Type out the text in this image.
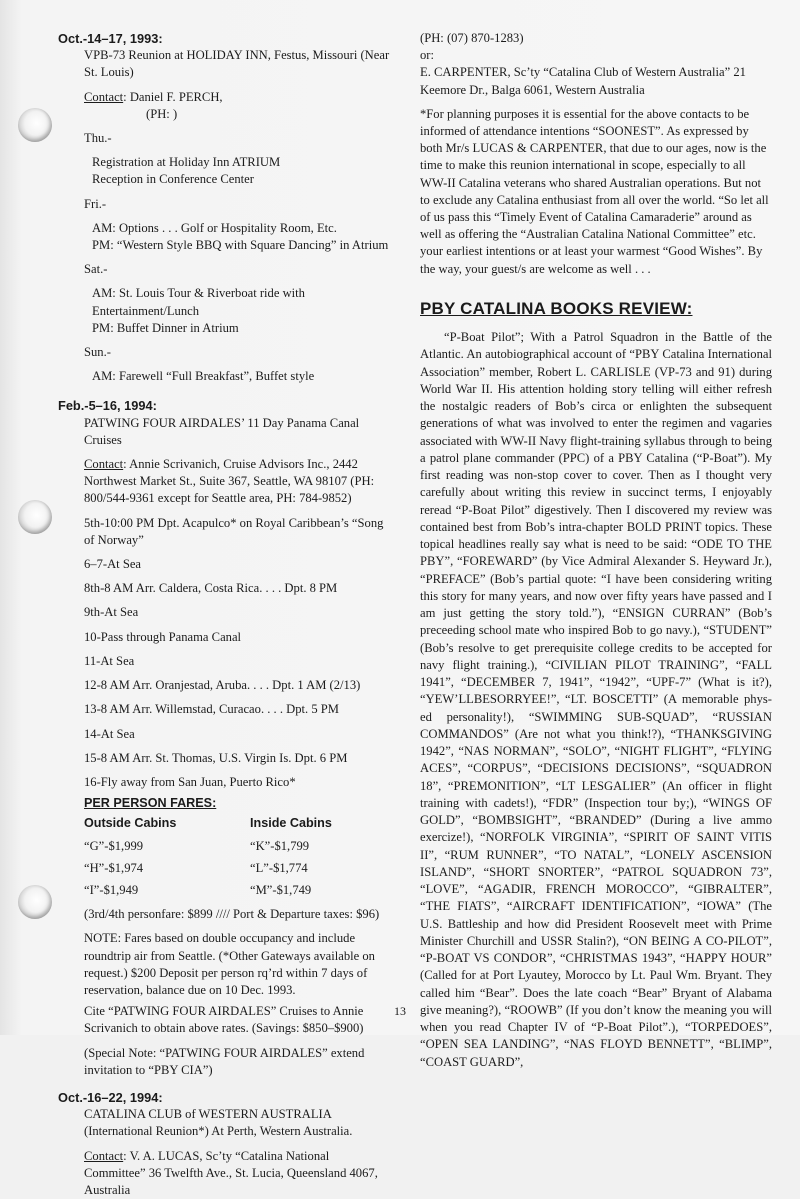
Oct.-14–17, 1993:
VPB-73 Reunion at HOLIDAY INN, Festus, Missouri (Near St. Louis)
Contact: Daniel F. PERCH,
(PH: )
Thu.-
Registration at Holiday Inn ATRIUM
Reception in Conference Center
Fri.-
AM: Options . . . Golf or Hospitality Room, Etc.
PM: “Western Style BBQ with Square Dancing” in Atrium
Sat.-
AM: St. Louis Tour & Riverboat ride with Entertainment/Lunch
PM: Buffet Dinner in Atrium
Sun.-
AM: Farewell “Full Breakfast”, Buffet style
Feb.-5–16, 1994:
PATWING FOUR AIRDALES’ 11 Day Panama Canal Cruises
Contact: Annie Scrivanich, Cruise Advisors Inc., 2442 Northwest Market St., Suite 367, Seattle, WA 98107 (PH: 800/544-9361 except for Seattle area, PH: 784-9852)
5th-10:00 PM Dpt. Acapulco* on Royal Caribbean’s “Song of Norway”
6–7-At Sea
8th-8 AM Arr. Caldera, Costa Rica. . . . Dpt. 8 PM
9th-At Sea
10-Pass through Panama Canal
11-At Sea
12-8 AM Arr. Oranjestad, Aruba. . . . Dpt. 1 AM (2/13)
13-8 AM Arr. Willemstad, Curacao. . . . Dpt. 5 PM
14-At Sea
15-8 AM Arr. St. Thomas, U.S. Virgin Is. Dpt. 6 PM
16-Fly away from San Juan, Puerto Rico*
PER PERSON FARES:
Outside Cabins	Inside Cabins
“G”-$1,999	“K”-$1,799
“H”-$1,974	“L”-$1,774
“I”-$1,949	“M”-$1,749
(3rd/4th personfare: $899 //// Port & Departure taxes: $96)
NOTE: Fares based on double occupancy and include roundtrip air from Seattle. (*Other Gateways available on request.) $200 Deposit per person rq’rd within 7 days of reservation, balance due on 10 Dec. 1993.
Cite “PATWING FOUR AIRDALES” Cruises to Annie Scrivanich to obtain above rates. (Savings: $850–$900)
(Special Note: “PATWING FOUR AIRDALES” extend invitation to “PBY CIA”)
Oct.-16–22, 1994:
CATALINA CLUB of WESTERN AUSTRALIA (International Reunion*) At Perth, Western Australia.
Contact: V. A. LUCAS, Sc’ty “Catalina National Committee” 36 Twelfth Ave., St. Lucia, Queensland 4067, Australia
(PH: (07) 870-1283)
or:
E. CARPENTER, Sc’ty “Catalina Club of Western Australia” 21 Keemore Dr., Balga 6061, Western Australia
*For planning purposes it is essential for the above contacts to be informed of attendance intentions “SOONEST”. As expressed by both Mr/s LUCAS & CARPENTER, that due to our ages, now is the time to make this reunion international in scope, especially to all WW-II Catalina veterans who shared Australian operations. But not to exclude any Catalina enthusiast from all over the world. “So let all of us pass this “Timely Event of Catalina Camaraderie” around as well as offering the “Australian Catalina National Committee” etc. your earliest intentions or at least your warmest “Good Wishes”. By the way, your guest/s are welcome as well . . .
PBY CATALINA BOOKS REVIEW:
“P-Boat Pilot”; With a Patrol Squadron in the Battle of the Atlantic. An autobiographical account of “PBY Catalina International Association” member, Robert L. CARLISLE (VP-73 and 91) during World War II. His attention holding story telling will either refresh the nostalgic readers of Bob’s circa or enlighten the subsequent generations of what was involved to enter the regimen and vagaries associated with WW-II Navy flight-training syllabus through to being a patrol plane commander (PPC) of a PBY Catalina (“P-Boat”). My first reading was non-stop cover to cover. Then as I thought very carefully about writing this review in succinct terms, I enjoyably reread “P-Boat Pilot” digestively. Then I discovered my review was contained best from Bob’s intra-chapter BOLD PRINT topics. These topical headlines really say what is need to be said: “ODE TO THE PBY”, “FOREWARD” (by Vice Admiral Alexander S. Heyward Jr.), “PREFACE” (Bob’s partial quote: “I have been considering writing this story for many years, and now over fifty years have passed and I am just getting the story told.”), “ENSIGN CURRAN” (Bob’s preceeding school mate who inspired Bob to go navy.), “STUDENT” (Bob’s resolve to get prerequisite college credits to be accepted for navy flight training.), “CIVILIAN PILOT TRAINING”, “FALL 1941”, “DECEMBER 7, 1941”, “1942”, “UPF-7” (What is it?), “YEW’LLBESORRYEE!”, “LT. BOSCETTI” (A memorable phys-ed personality!), “SWIMMING SUB-SQUAD”, “RUSSIAN COMMANDOS” (Are not what you think!?), “THANKSGIVING 1942”, “NAS NORMAN”, “SOLO”, “NIGHT FLIGHT”, “FLYING ACES”, “CORPUS”, “DECISIONS DECISIONS”, “SQUADRON 18”, “PREMONITION”, “LT LESGALIER” (An officer in flight training with cadets!), “FDR” (Inspection tour by;), “WINGS OF GOLD”, “BOMBSIGHT”, “BRANDED” (During a live ammo exercize!), “NORFOLK VIRGINIA”, “SPIRIT OF SAINT VITIS II”, “RUM RUNNER”, “TO NATAL”, “LONELY ASCENSION ISLAND”, “SHORT SNORTER”, “PATROL SQUADRON 73”, “LOVE”, “AGADIR, FRENCH MOROCCO”, “GIBRALTER”, “THE FIATS”, “AIRCRAFT IDENTIFICATION”, “IOWA” (The U.S. Battleship and how did President Roosevelt meet with Prime Minister Churchill and USSR Stalin?), “ON BEING A CO-PILOT”, “P-BOAT VS CONDOR”, “CHRISTMAS 1943”, “HAPPY HOUR” (Called for at Port Lyautey, Morocco by Lt. Paul Wm. Bryant. They called him “Bear”. Does the late coach “Bear” Bryant of Alabama give meaning?), “ROOWB” (If you don’t know the meaning you will when you read Chapter IV of “P-Boat Pilot”.), “TORPEDOES”, “OPEN SEA LANDING”, “NAS FLOYD BENNETT”, “BLIMP”, “COAST GUARD”,
13
